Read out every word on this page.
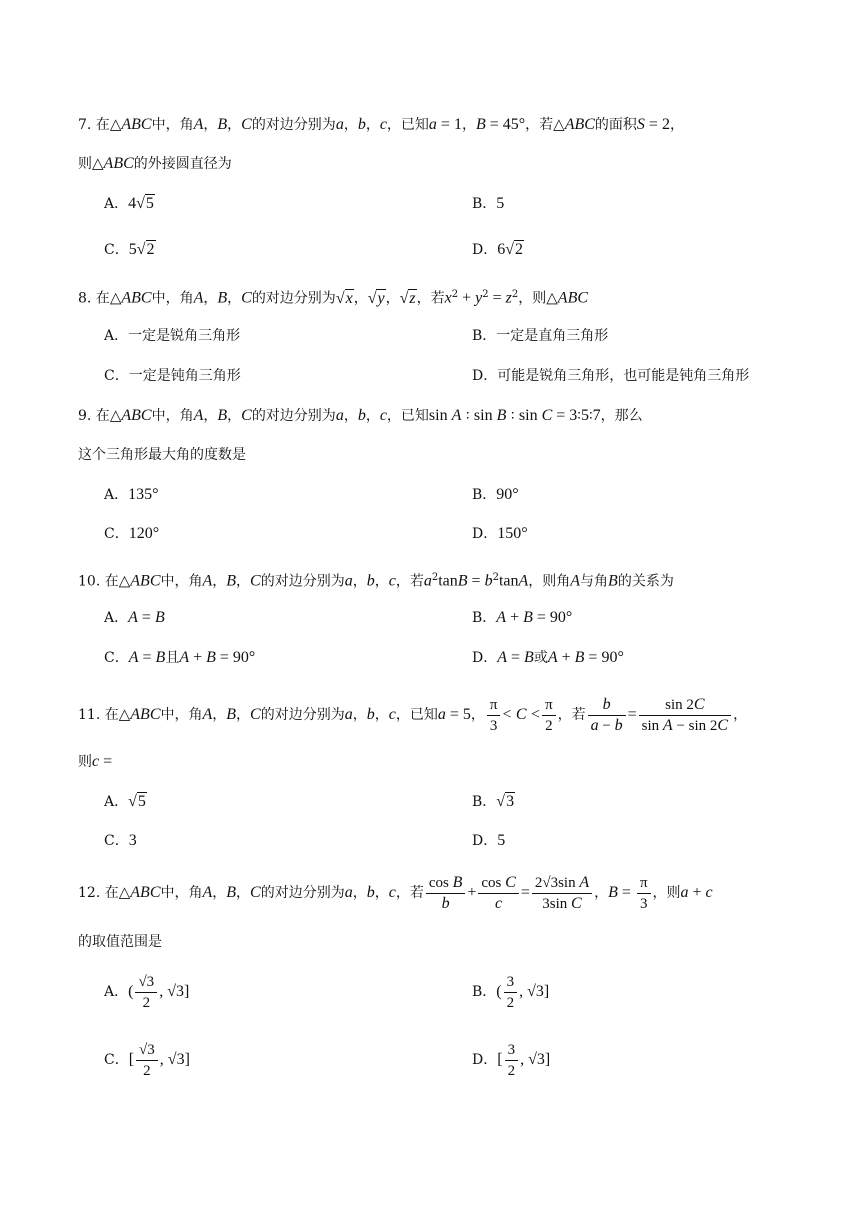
7. 在△ABC中，角A，B，C的对边分别为a，b，c，已知a = 1，B = 45°，若△ABC的面积S = 2，
则△ABC的外接圆直径为
A．4√5	B．5
C．5√2	D．6√2
8. 在△ABC中，角A，B，C的对边分别为√x，√y，√z，若$x^2 + y^2 = z^2$，则△ABC
A．一定是锐角三角形	B．一定是直角三角形
C．一定是钝角三角形	D．可能是锐角三角形，也可能是钝角三角形
9. 在△ABC中，角A，B，C的对边分别为a，b，c，已知sin A ∶ sin B ∶ sin C = 3∶5∶7，那么
这个三角形最大角的度数是
A．135°	B．90°
C．120°	D．150°
10. 在△ABC中，角A，B，C的对边分别为a，b，c，若$a^2\tan B = b^2\tan A$，则角A与角B的关系为
A．A = B	B．A + B = 90°
C．A = B且A + B = 90°	D．A = B或A + B = 90°
11. 在△ABC中，角A，B，C的对边分别为a，b，c，已知a = 5， $\frac{\pi}{3} < C < \frac{\pi}{2}$ ，若 $\frac{b}{a - b} = \frac{\sin 2C}{\text{sin A − sin 2C}}$ ，
则c =
A．√5	B．√3
C．3	D．5
12. 在△ABC中，角A，B，C的对边分别为a，b，c，若 $\frac{\text{cos B}}{b} + \frac{\text{cos C}}{c} = \frac{\text{2√3sin A}}{\text{3sin C}}$ ，$B = \frac{\pi}{3}$ ，则a + c
的取值范围是
A．( $\frac{√3}{2}$ , √3]	B．( $\frac{3}{2}$ , √3]
C．[ $\frac{√3}{2}$ , √3]	D．[ $\frac{3}{2}$ , √3]
